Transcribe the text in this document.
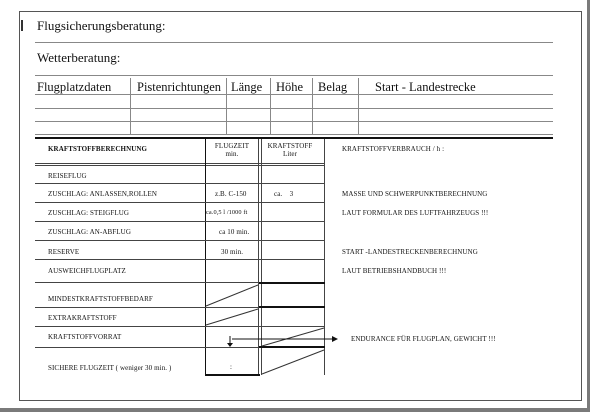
Flugsicherungsberatung:
Wetterberatung:
Flugplatzdaten Pistenrichtungen Länge Höhe Belag Start - Landestrecke
KRAFTSTOFFBERECHNUNG	FLUGZEIT
min.
KRAFTSTOFF
Liter
KRAFTSTOFFVERBRAUCH / h :
REISEFLUG
ZUSCHLAG: ANLASSEN,ROLLEN
ZUSCHLAG: STEIGFLUG
ZUSCHLAG: AN-ABFLUG
RESERVE
AUSWEICHFLUGPLATZ
MINDESTKRAFTSTOFFBEDARF
EXTRAKRAFTSTOFF
KRAFTSTOFFVORRAT
SICHERE FLUGZEIT ( weniger 30 min. )
z.B. C-150
ca.0,5 l /1000 ft
ca 10 min.
30 min.
:
ca.    3	MASSE UND SCHWERPUNKTBERECHNUNG
LAUT FORMULAR DES LUFTFAHRZEUGS !!!
START -LANDESTRECKENBERECHNUNG
LAUT BETRIEBSHANDBUCH !!!
ENDURANCE FÜR FLUGPLAN, GEWICHT !!!
